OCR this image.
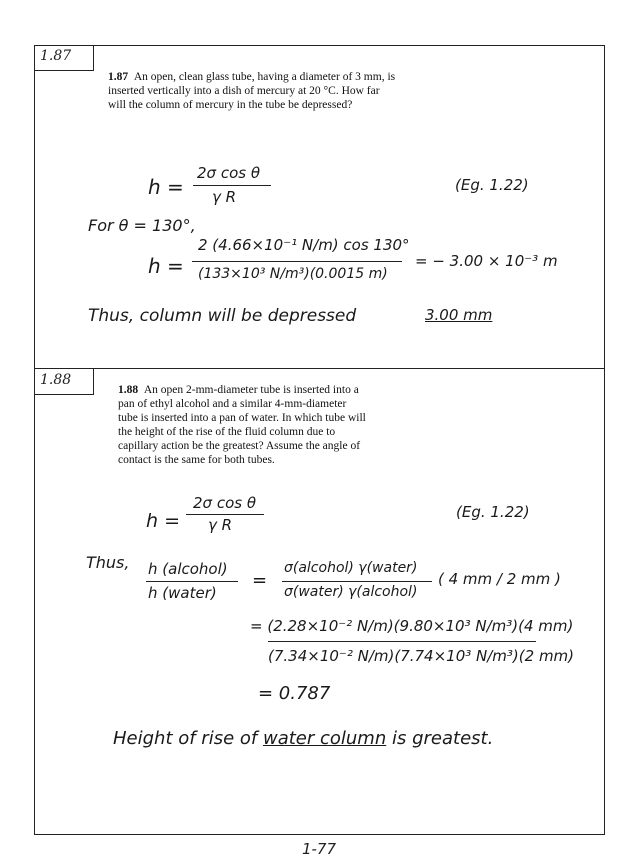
1.87
1.87 An open, clean glass tube, having a diameter of 3 mm, is inserted vertically into a dish of mercury at 20 °C. How far will the column of mercury in the tube be depressed?
h =
2σ cos θ
γ R
(Eg. 1.22)
For θ = 130°,
h =
2 (4.66×10⁻¹ N/m) cos 130°
(133×10³ N/m³)(0.0015 m)
= − 3.00 × 10⁻³ m
Thus, column will be depressed	3.00 mm
1.88
1.88 An open 2-mm-diameter tube is inserted into a pan of ethyl alcohol and a similar 4-mm-diameter tube is inserted into a pan of water. In which tube will the height of the rise of the fluid column due to capillary action be the greatest? Assume the angle of contact is the same for both tubes.
h =
2σ cos θ
γ R
(Eg. 1.22)
Thus, h (alcohol)
h (water)
=
σ(alcohol) γ(water)
σ(water) γ(alcohol)
( 4 mm / 2 mm )
= (2.28×10⁻² N/m)(9.80×10³ N/m³)(4 mm)
(7.34×10⁻² N/m)(7.74×10³ N/m³)(2 mm)
= 0.787
Height of rise of water column is greatest.
1-77
